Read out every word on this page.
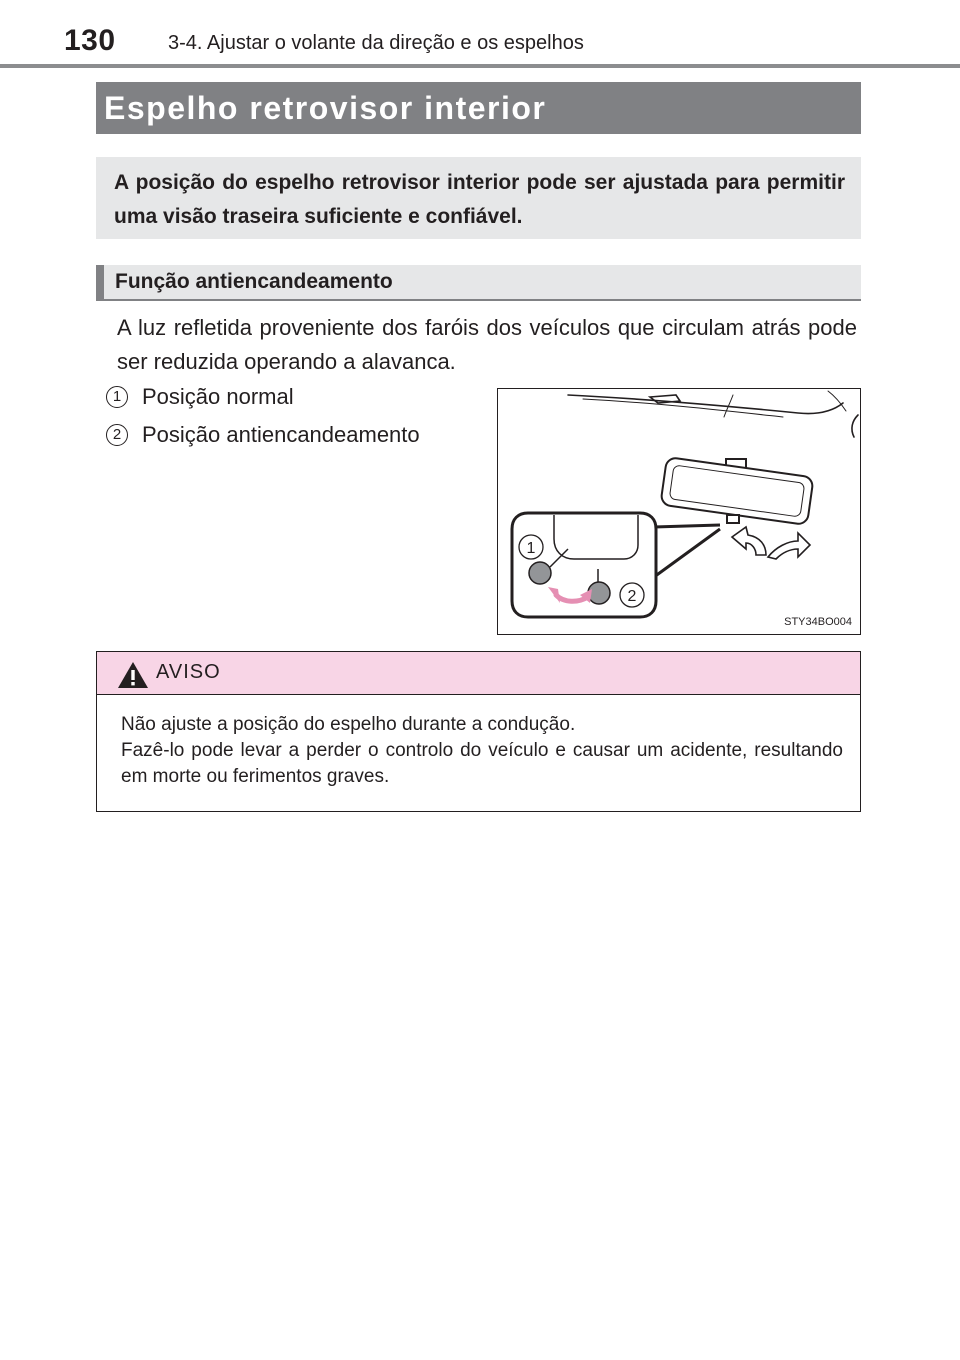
130	3-4. Ajustar o volante da direção e os espelhos
Espelho retrovisor interior
A posição do espelho retrovisor interior pode ser ajustada para permitir uma visão traseira suficiente e confiável.
Função antiencandeamento
A luz refletida proveniente dos faróis dos veículos que circulam atrás pode ser reduzida operando a alavanca.
1 Posição normal
2 Posição antiencandeamento
1
2
STY34BO004
AVISO
Não ajuste a posição do espelho durante a condução.
Fazê-lo pode levar a perder o controlo do veículo e causar um acidente, resultando em morte ou ferimentos graves.
